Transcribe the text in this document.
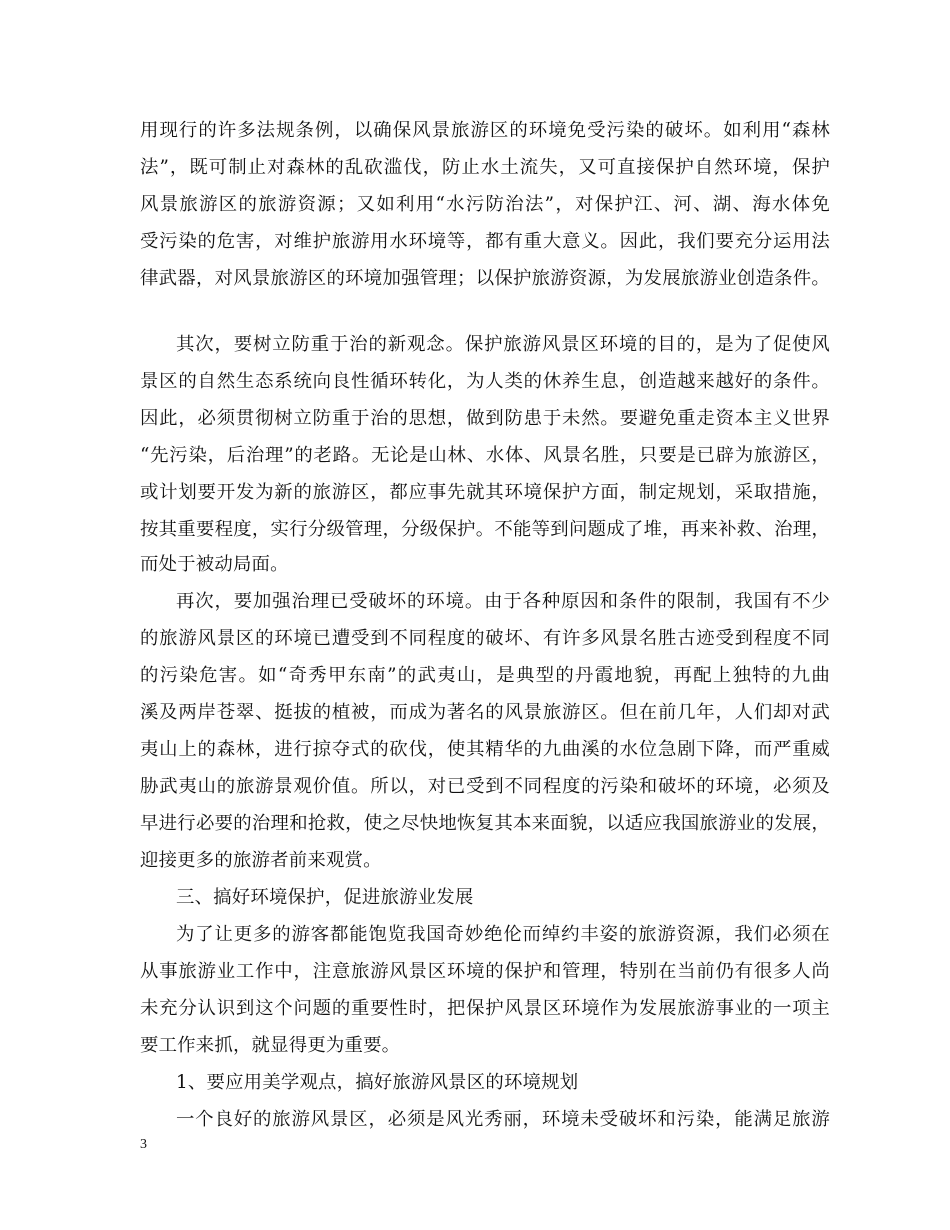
用现行的许多法规条例，以确保风景旅游区的环境免受污染的破坏。如利用“森林
法”，既可制止对森林的乱砍滥伐，防止水土流失，又可直接保护自然环境，保护
风景旅游区的旅游资源；又如利用“水污防治法”，对保护江、河、湖、海水体免
受污染的危害，对维护旅游用水环境等，都有重大意义。因此，我们要充分运用法
律武器，对风景旅游区的环境加强管理；以保护旅游资源，为发展旅游业创造条件。
其次，要树立防重于治的新观念。保护旅游风景区环境的目的，是为了促使风
景区的自然生态系统向良性循环转化，为人类的休养生息，创造越来越好的条件。
因此，必须贯彻树立防重于治的思想，做到防患于未然。要避免重走资本主义世界
“先污染，后治理”的老路。无论是山林、水体、风景名胜，只要是已辟为旅游区，
或计划要开发为新的旅游区，都应事先就其环境保护方面，制定规划，采取措施，
按其重要程度，实行分级管理，分级保护。不能等到问题成了堆，再来补救、治理，
而处于被动局面。
再次，要加强治理已受破坏的环境。由于各种原因和条件的限制，我国有不少
的旅游风景区的环境已遭受到不同程度的破坏、有许多风景名胜古迹受到程度不同
的污染危害。如“奇秀甲东南”的武夷山，是典型的丹霞地貌，再配上独特的九曲
溪及两岸苍翠、挺拔的植被，而成为著名的风景旅游区。但在前几年，人们却对武
夷山上的森林，进行掠夺式的砍伐，使其精华的九曲溪的水位急剧下降，而严重威
胁武夷山的旅游景观价值。所以，对已受到不同程度的污染和破坏的环境，必须及
早进行必要的治理和抢救，使之尽快地恢复其本来面貌，以适应我国旅游业的发展，
迎接更多的旅游者前来观赏。
三、搞好环境保护，促进旅游业发展
为了让更多的游客都能饱览我国奇妙绝伦而绰约丰姿的旅游资源，我们必须在
从事旅游业工作中，注意旅游风景区环境的保护和管理，特别在当前仍有很多人尚
未充分认识到这个问题的重要性时，把保护风景区环境作为发展旅游事业的一项主
要工作来抓，就显得更为重要。
1、要应用美学观点，搞好旅游风景区的环境规划
一个良好的旅游风景区，必须是风光秀丽，环境未受破坏和污染，能满足旅游
3
